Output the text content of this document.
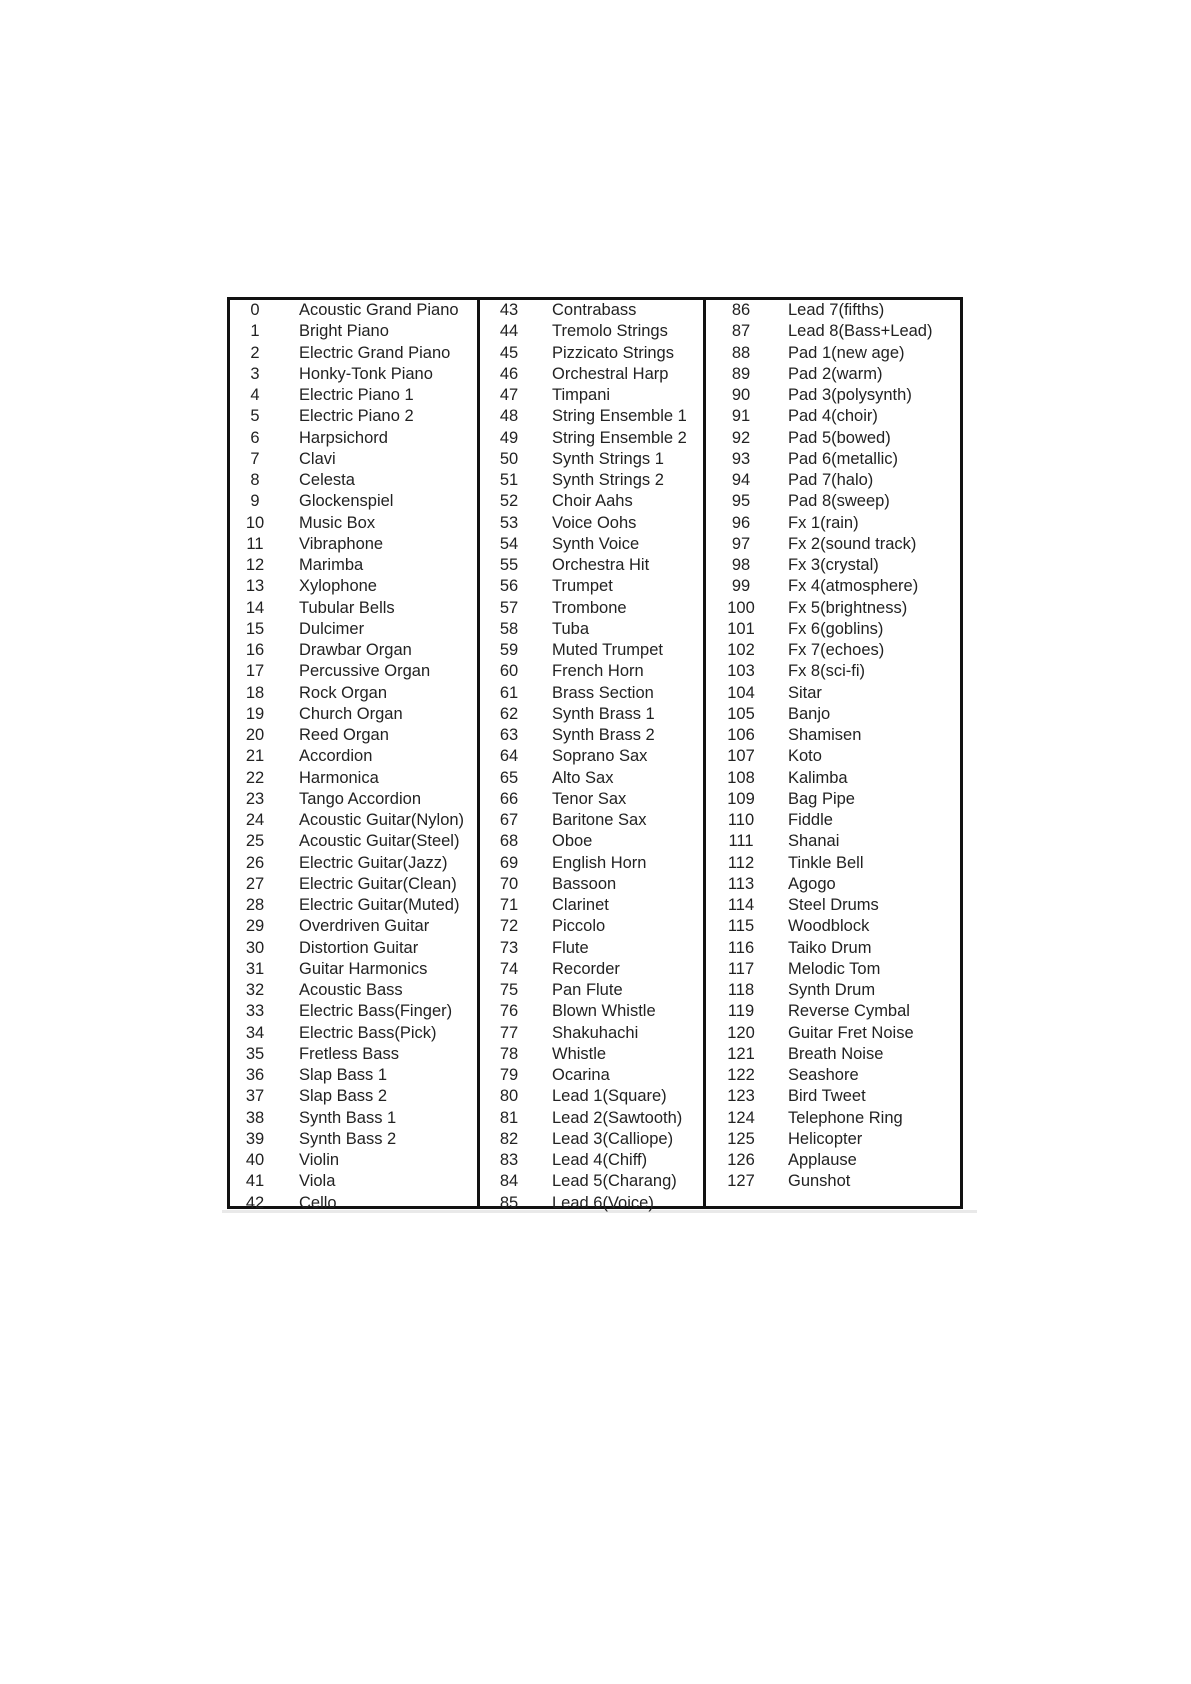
0	Acoustic Grand Piano
1	Bright Piano
2	Electric Grand Piano
3	Honky-Tonk Piano
4	Electric Piano 1
5	Electric Piano 2
6	Harpsichord
7	Clavi
8	Celesta
9	Glockenspiel
10	Music Box
11	Vibraphone
12	Marimba
13	Xylophone
14	Tubular Bells
15	Dulcimer
16	Drawbar Organ
17	Percussive Organ
18	Rock Organ
19	Church Organ
20	Reed Organ
21	Accordion
22	Harmonica
23	Tango Accordion
24	Acoustic Guitar(Nylon)
25	Acoustic Guitar(Steel)
26	Electric Guitar(Jazz)
27	Electric Guitar(Clean)
28	Electric Guitar(Muted)
29	Overdriven Guitar
30	Distortion Guitar
31	Guitar Harmonics
32	Acoustic Bass
33	Electric Bass(Finger)
34	Electric Bass(Pick)
35	Fretless Bass
36	Slap Bass 1
37	Slap Bass 2
38	Synth Bass 1
39	Synth Bass 2
40	Violin
41	Viola
42	Cello
43	Contrabass
44	Tremolo Strings
45	Pizzicato Strings
46	Orchestral Harp
47	Timpani
48	String Ensemble 1
49	String Ensemble 2
50	Synth Strings 1
51	Synth Strings 2
52	Choir Aahs
53	Voice Oohs
54	Synth Voice
55	Orchestra Hit
56	Trumpet
57	Trombone
58	Tuba
59	Muted Trumpet
60	French Horn
61	Brass Section
62	Synth Brass 1
63	Synth Brass 2
64	Soprano Sax
65	Alto Sax
66	Tenor Sax
67	Baritone Sax
68	Oboe
69	English Horn
70	Bassoon
71	Clarinet
72	Piccolo
73	Flute
74	Recorder
75	Pan Flute
76	Blown Whistle
77	Shakuhachi
78	Whistle
79	Ocarina
80	Lead 1(Square)
81	Lead 2(Sawtooth)
82	Lead 3(Calliope)
83	Lead 4(Chiff)
84	Lead 5(Charang)
85	Lead 6(Voice)
86	Lead 7(fifths)
87	Lead 8(Bass+Lead)
88	Pad 1(new age)
89	Pad 2(warm)
90	Pad 3(polysynth)
91	Pad 4(choir)
92	Pad 5(bowed)
93	Pad 6(metallic)
94	Pad 7(halo)
95	Pad 8(sweep)
96	Fx 1(rain)
97	Fx 2(sound track)
98	Fx 3(crystal)
99	Fx 4(atmosphere)
100	Fx 5(brightness)
101	Fx 6(goblins)
102	Fx 7(echoes)
103	Fx 8(sci-fi)
104	Sitar
105	Banjo
106	Shamisen
107	Koto
108	Kalimba
109	Bag Pipe
110	Fiddle
111	Shanai
112	Tinkle Bell
113	Agogo
114	Steel Drums
115	Woodblock
116	Taiko Drum
117	Melodic Tom
118	Synth Drum
119	Reverse Cymbal
120	Guitar Fret Noise
121	Breath Noise
122	Seashore
123	Bird Tweet
124	Telephone Ring
125	Helicopter
126	Applause
127	Gunshot
